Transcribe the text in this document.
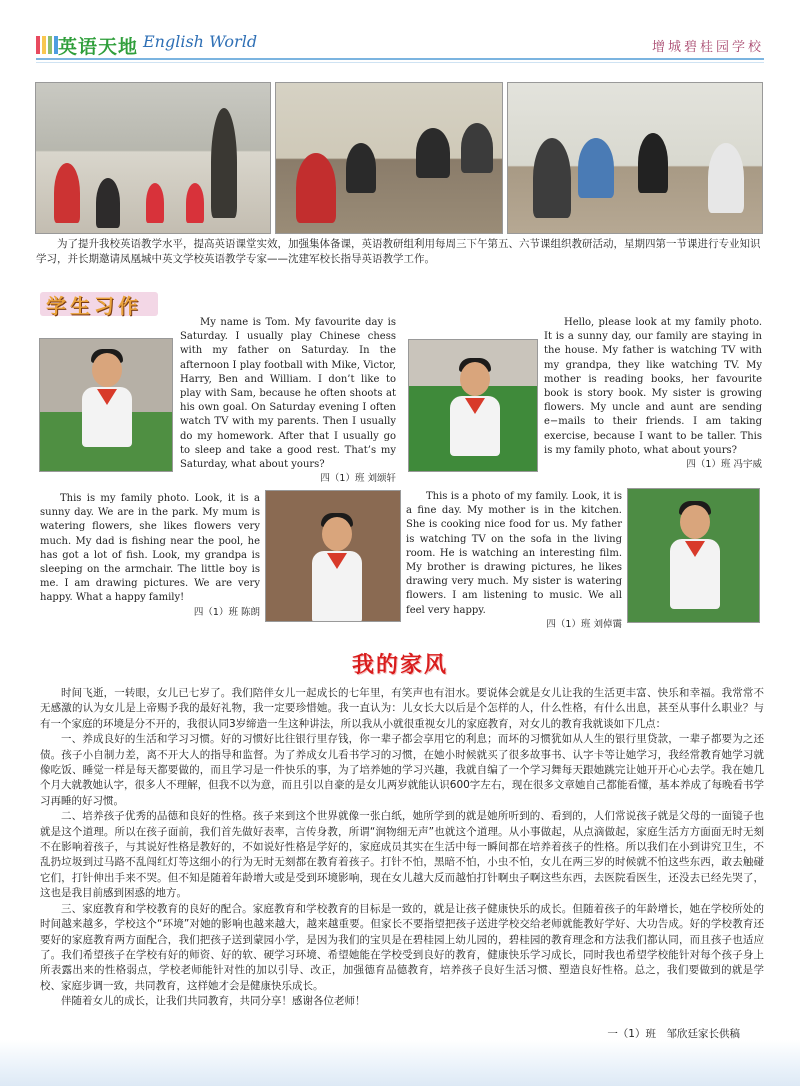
英语天地 English World	增城碧桂园学校
为了提升我校英语教学水平，提高英语课堂实效，加强集体备课，英语教研组利用每周三下午第五、六节课组织教研活动，星期四第一节课进行专业知识学习，并长期邀请凤凰城中英文学校英语教学专家——沈建军校长指导英语教学工作。
学生习作

My name is Tom. My favourite day is Saturday. I usually play Chinese chess with my father on Saturday. In the afternoon I play football with Mike, Victor, Harry, Ben and William. I don’t like to play with Sam, because he often shoots at his own goal. On Saturday evening I often watch TV with my parents. Then I usually do my homework. After that I usually go to sleep and take a good rest. That’s my Saturday, what about yours?

四（1）班 刘颂轩

Hello, please look at my family photo. It is a sunny day, our family are staying in the house. My father is watching TV with my grandpa, they like watching TV. My mother is reading books, her favourite book is story book. My sister is growing flowers. My uncle and aunt are sending e−mails to their friends. I am taking exercise, because I want to be taller. This is my family photo, what about yours?

四（1）班 冯宇威

This is my family photo. Look, it is a sunny day. We are in the park. My mum is watering flowers, she likes flowers very much. My dad is fishing near the pool, he has got a lot of fish. Look, my grandpa is sleeping on the armchair. The little boy is me. I am drawing pictures. We are very happy. What a happy family!

四（1）班 陈朗

This is a photo of my family. Look, it is a fine day. My mother is in the kitchen. She is cooking nice food for us. My father is watching TV on the sofa in the living room. He is watching an interesting film. My brother is drawing pictures, he likes drawing very much. My sister is watering flowers. I am listening to music. We all feel very happy.

四（1）班 刘倬霭
我的家风

时间飞逝，一转眼，女儿已七岁了。我们陪伴女儿一起成长的七年里，有笑声也有泪水。要说体会就是女儿让我的生活更丰富、快乐和幸福。我常常不无感激的认为女儿是上帝赐予我的最好礼物，我一定要珍惜她。我一直认为：儿女长大以后是个怎样的人，什么性格，有什么出息，甚至从事什么职业？与有一个家庭的环境是分不开的，我很认同3岁缔造一生这种讲法，所以我从小就很重视女儿的家庭教育，对女儿的教育我就谈如下几点：

一、养成良好的生活和学习习惯。好的习惯好比往银行里存钱，你一辈子都会享用它的利息；而坏的习惯犹如从人生的银行里贷款，一辈子都要为之还债。孩子小自制力差，离不开大人的指导和监督。为了养成女儿看书学习的习惯，在她小时候就买了很多故事书、认字卡等让她学习，我经常教育她学习就像吃饭、睡觉一样是每天都要做的，而且学习是一件快乐的事，为了培养她的学习兴趣，我就自编了一个学习舞每天跟她跳完让她开开心心去学。我在她几个月大就教她认字，很多人不理解，但我不以为意，而且引以自豪的是女儿两岁就能认识600字左右，现在很多文章她自己都能看懂，基本养成了每晚看书学习再睡的好习惯。

二、培养孩子优秀的品德和良好的性格。孩子来到这个世界就像一张白纸，她所学到的就是她所听到的、看到的，人们常说孩子就是父母的一面镜子也就是这个道理。所以在孩子面前，我们首先做好表率，言传身教，所谓“润物细无声”也就这个道理。从小事做起，从点滴做起，家庭生活方方面面无时无刻不在影响着孩子，与其说好性格是教好的，不如说好性格是学好的，家庭成员其实在生活中每一瞬间都在培养着孩子的性格。所以我们在小到讲究卫生，不乱扔垃圾到过马路不乱闯红灯等这细小的行为无时无刻都在教育着孩子。打针不怕，黑暗不怕，小虫不怕，女儿在两三岁的时候就不怕这些东西，敢去触碰它们，打针伸出手来不哭。但不知是随着年龄增大或是受到环境影响，现在女儿越大反而越怕打针啊虫子啊这些东西，去医院看医生，还没去已经先哭了，这也是我目前感到困惑的地方。

三、家庭教育和学校教育的良好的配合。家庭教育和学校教育的目标是一致的，就是让孩子健康快乐的成长。但随着孩子的年龄增长，她在学校所处的时间越来越多，学校这个“环境”对她的影响也越来越大，越来越重要。但家长不要指望把孩子送进学校交给老师就能教好学好、大功告成。好的学校教育还要好的家庭教育两方面配合，我们把孩子送到蒙园小学，是因为我们的宝贝是在碧桂园上幼儿园的，碧桂园的教育理念和方法我们都认同，而且孩子也适应了。我们希望孩子在学校有好的师资、好的软、硬学习环境、希望她能在学校受到良好的教育，健康快乐学习成长，同时我也希望学校能针对每个孩子身上所表露出来的性格弱点，学校老师能针对性的加以引导、改正，加强德育品德教育，培养孩子良好生活习惯、塑造良好性格。总之，我们要做到的就是学校、家庭步调一致，共同教育，这样她才会是健康快乐成长。

伴随着女儿的成长，让我们共同教育，共同分享！感谢各位老师！

一（1）班　邹欣廷家长供稿
